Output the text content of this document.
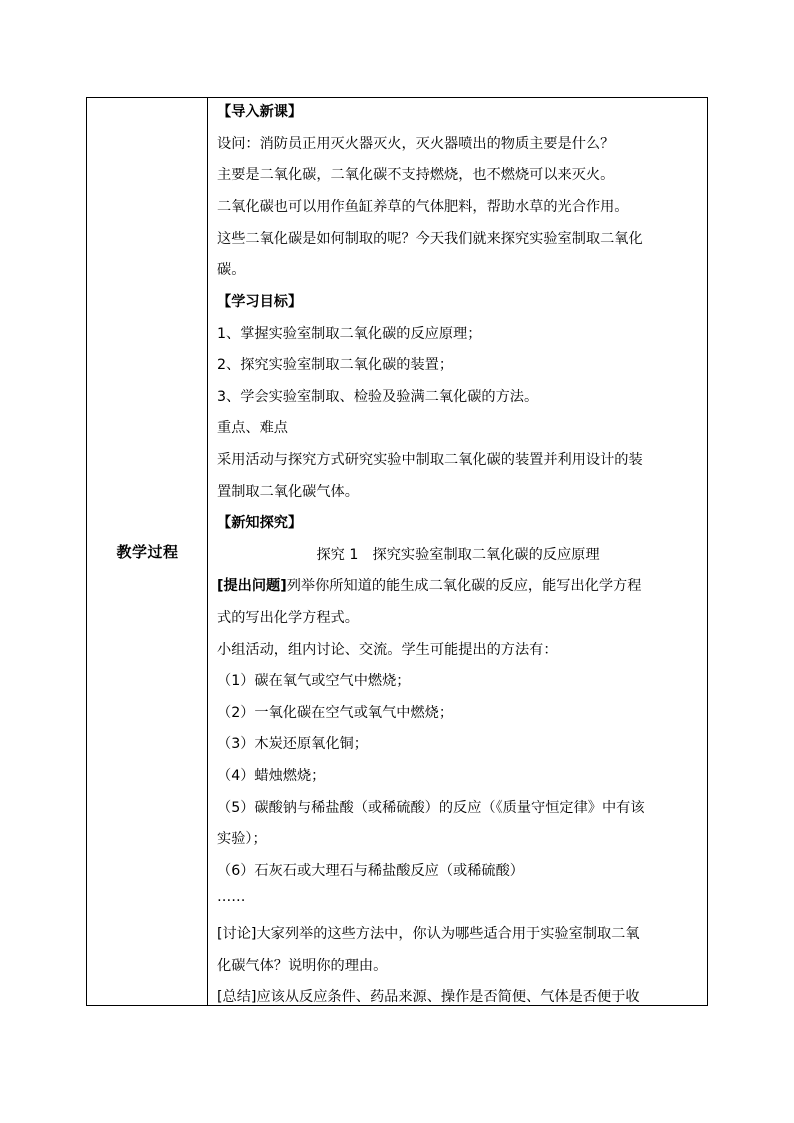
教学过程
【导入新课】
设问：消防员正用灭火器灭火，灭火器喷出的物质主要是什么？
主要是二氧化碳，二氧化碳不支持燃烧，也不燃烧可以来灭火。
二氧化碳也可以用作鱼缸养草的气体肥料，帮助水草的光合作用。
这些二氧化碳是如何制取的呢？今天我们就来探究实验室制取二氧化
碳。
【学习目标】
1、掌握实验室制取二氧化碳的反应原理；
2、探究实验室制取二氧化碳的装置；
3、学会实验室制取、检验及验满二氧化碳的方法。
重点、难点
采用活动与探究方式研究实验中制取二氧化碳的装置并利用设计的装
置制取二氧化碳气体。
【新知探究】
探究 1　探究实验室制取二氧化碳的反应原理
[提出问题]列举你所知道的能生成二氧化碳的反应，能写出化学方程
式的写出化学方程式。
小组活动，组内讨论、交流。学生可能提出的方法有：
（1）碳在氧气或空气中燃烧；
（2）一氧化碳在空气或氧气中燃烧；
（3）木炭还原氧化铜；
（4）蜡烛燃烧；
（5）碳酸钠与稀盐酸（或稀硫酸）的反应（《质量守恒定律》中有该
实验）；
（6）石灰石或大理石与稀盐酸反应（或稀硫酸）
……
[讨论]大家列举的这些方法中，你认为哪些适合用于实验室制取二氧
化碳气体？说明你的理由。
[总结]应该从反应条件、药品来源、操作是否简便、气体是否便于收
